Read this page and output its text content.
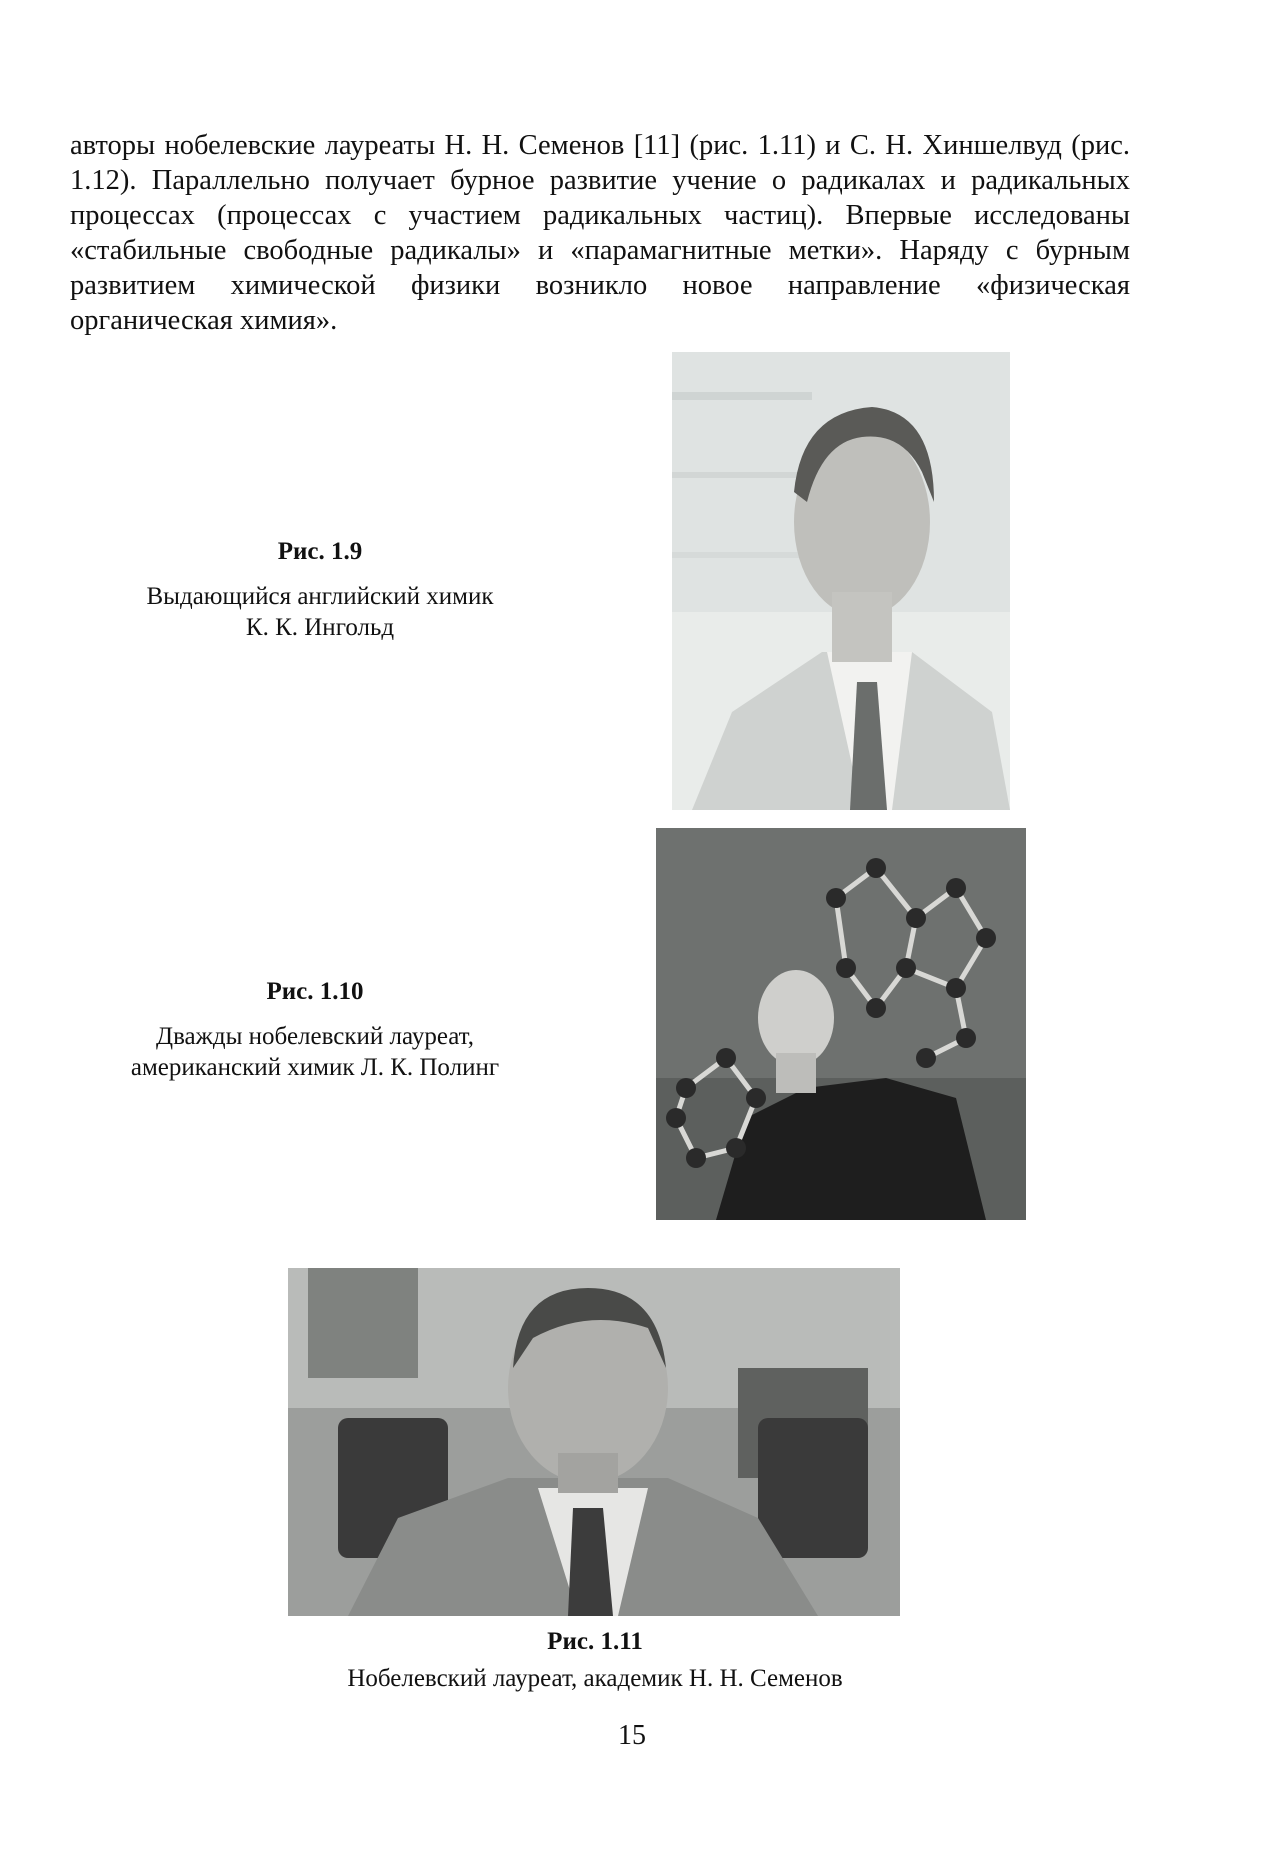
авторы нобелевские лауреаты Н. Н. Семенов [11] (рис. 1.11) и С. Н. Хиншелвуд (рис. 1.12). Параллельно получает бурное развитие учение о радикалах и радикальных процессах (процессах с участием радикальных частиц). Впервые исследованы «стабильные свободные радикалы» и «парамагнитные метки». Наряду с бурным развитием химической физики возникло новое направление «физическая органическая химия».

Рис. 1.9
Выдающийся английский химик
К. К. Ингольд
Рис. 1.10
Дважды нобелевский лауреат,
американский химик Л. К. Полинг
Рис. 1.11
Нобелевский лауреат, академик Н. Н. Семенов
15
